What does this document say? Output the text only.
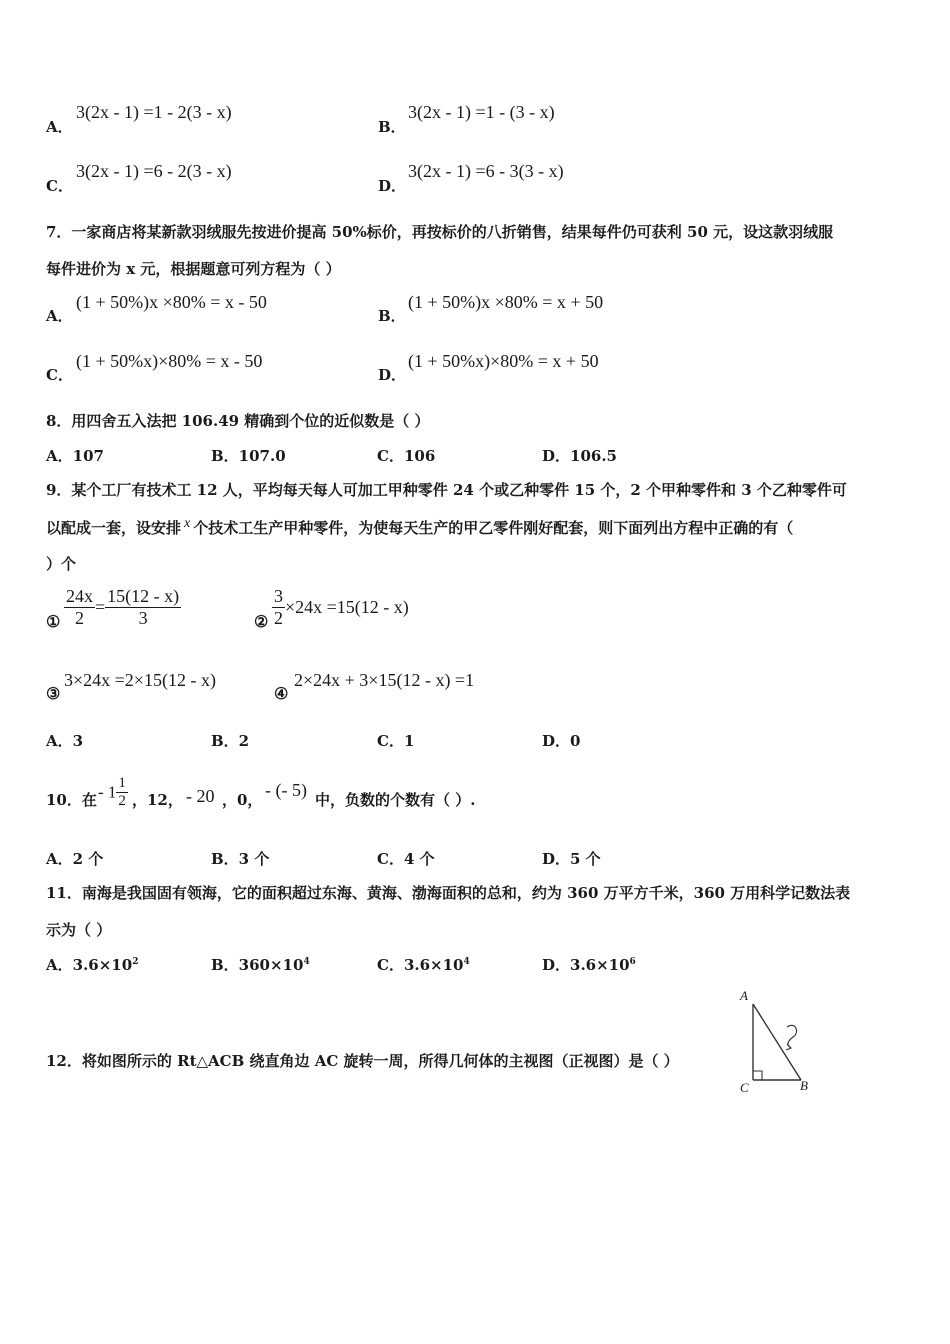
A．
3(2x - 1) =1 - 2(3 - x)
B．
3(2x - 1) =1 - (3 - x)
C．
3(2x - 1) =6 - 2(3 - x)
D．
3(2x - 1) =6 - 3(3 - x)
7．一家商店将某新款羽绒服先按进价提高 50%标价，再按标价的八折销售，结果每件仍可获利 50 元，设这款羽绒服
每件进价为 x 元，根据题意可列方程为（ ）
A．
(1 + 50%)x ×80% = x - 50
B．
(1 + 50%)x ×80% = x + 50
C．
(1 + 50%x)×80% = x - 50
D．
(1 + 50%x)×80% = x + 50
8．用四舍五入法把 106.49 精确到个位的近似数是（ ）
A．107	B．107.0	C．106	D．106.5
9．某个工厂有技术工 12 人，平均每天每人可加工甲种零件 24 个或乙种零件 15 个，2 个甲种零件和 3 个乙种零件可
以配成一套，设安排 x 个技术工生产甲种零件，为使每天生产的甲乙零件刚好配套，则下面列出方程中正确的有（
）个
① $\frac{24x}{2} = \frac{15(12 - x)}{3}$	② $\frac{3}{2} \times 24x =15(12 - x)$
③
3×24x =2×15(12 - x)
④
2×24x + 3×15(12 - x) =1
A．3	B．2	C．1	D．0
10．在 - $1 \frac{1}{2}$ ，12， - 20 ，0， - (- 5) 中，负数的个数有（ ）.
A．2 个	B．3 个	C．4 个	D．5 个
11．南海是我国固有领海，它的面积超过东海、黄海、渤海面积的总和，约为 360 万平方千米，360 万用科学记数法表
示为（ ）
A．$3.6\times 10^2$	B．$360\times 10^4$	C．$3.6\times 10^4$	D．$3.6\times 10^6$
12．将如图所示的 Rt△ACB 绕直角边 AC 旋转一周，所得几何体的主视图（正视图）是（ ）
A
C	B
